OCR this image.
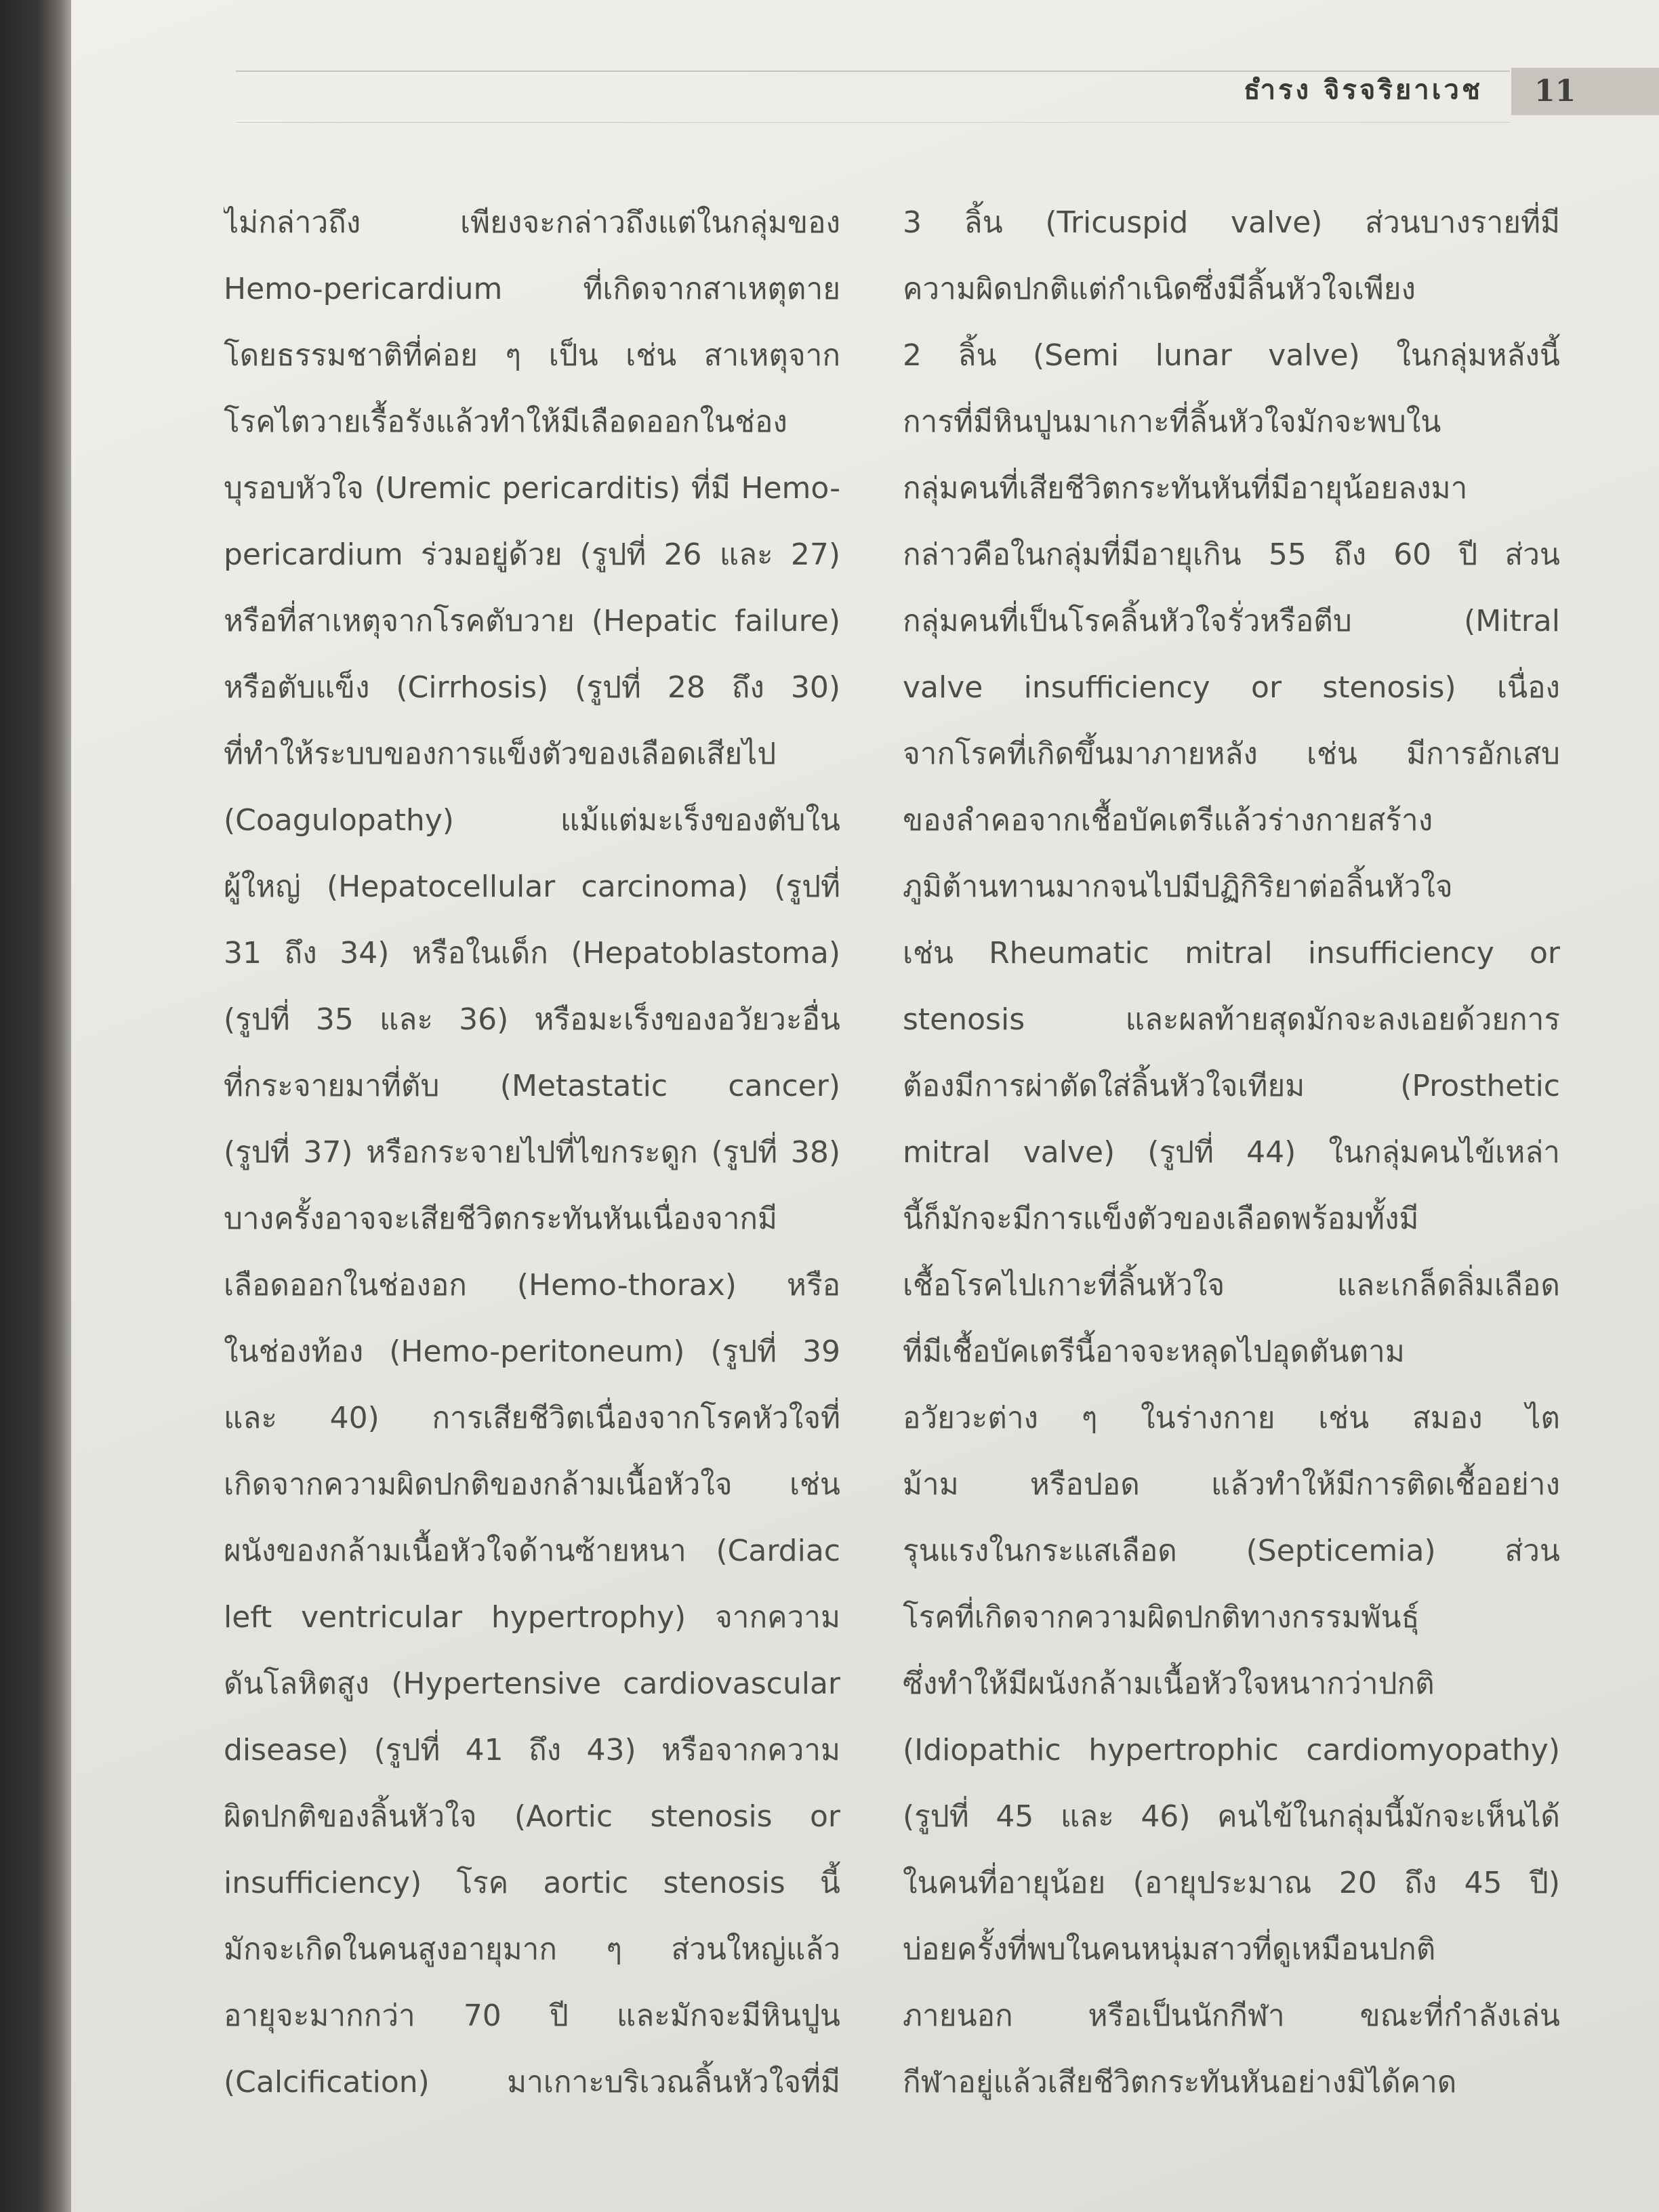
ธำรง จิรจริยาเวช 11
ไม่กล่าวถึง เพียงจะกล่าวถึงแต่ในกลุ่มของ
Hemo-pericardium ที่เกิดจากสาเหตุตาย
โดยธรรมชาติที่ค่อย ๆ เป็น เช่น สาเหตุจาก
โรคไตวายเรื้อรังแล้วทำให้มีเลือดออกในช่อง
บุรอบหัวใจ (Uremic pericarditis) ที่มี Hemo-
pericardium ร่วมอยู่ด้วย (รูปที่ 26 และ 27)
หรือที่สาเหตุจากโรคตับวาย (Hepatic failure)
หรือตับแข็ง (Cirrhosis) (รูปที่ 28 ถึง 30)
ที่ทำให้ระบบของการแข็งตัวของเลือดเสียไป
(Coagulopathy) แม้แต่มะเร็งของตับใน
ผู้ใหญ่ (Hepatocellular carcinoma) (รูปที่
31 ถึง 34) หรือในเด็ก (Hepatoblastoma)
(รูปที่ 35 และ 36) หรือมะเร็งของอวัยวะอื่น
ที่กระจายมาที่ตับ (Metastatic cancer)
(รูปที่ 37) หรือกระจายไปที่ไขกระดูก (รูปที่ 38)
บางครั้งอาจจะเสียชีวิตกระทันหันเนื่องจากมี
เลือดออกในช่องอก (Hemo-thorax) หรือ
ในช่องท้อง (Hemo-peritoneum) (รูปที่ 39
และ 40) การเสียชีวิตเนื่องจากโรคหัวใจที่
เกิดจากความผิดปกติของกล้ามเนื้อหัวใจ เช่น
ผนังของกล้ามเนื้อหัวใจด้านซ้ายหนา (Cardiac
left ventricular hypertrophy) จากความ
ดันโลหิตสูง (Hypertensive cardiovascular
disease) (รูปที่ 41 ถึง 43) หรือจากความ
ผิดปกติของลิ้นหัวใจ (Aortic stenosis or
insufficiency) โรค aortic stenosis นี้
มักจะเกิดในคนสูงอายุมาก ๆ ส่วนใหญ่แล้ว
อายุจะมากกว่า 70 ปี และมักจะมีหินปูน
(Calcification) มาเกาะบริเวณลิ้นหัวใจที่มี
3 ลิ้น (Tricuspid valve) ส่วนบางรายที่มี
ความผิดปกติแต่กำเนิดซึ่งมีลิ้นหัวใจเพียง
2 ลิ้น (Semi lunar valve) ในกลุ่มหลังนี้
การที่มีหินปูนมาเกาะที่ลิ้นหัวใจมักจะพบใน
กลุ่มคนที่เสียชีวิตกระทันหันที่มีอายุน้อยลงมา
กล่าวคือในกลุ่มที่มีอายุเกิน 55 ถึง 60 ปี ส่วน
กลุ่มคนที่เป็นโรคลิ้นหัวใจรั่วหรือตีบ (Mitral
valve insufficiency or stenosis) เนื่อง
จากโรคที่เกิดขึ้นมาภายหลัง เช่น มีการอักเสบ
ของลำคอจากเชื้อบัคเตรีแล้วร่างกายสร้าง
ภูมิต้านทานมากจนไปมีปฏิกิริยาต่อลิ้นหัวใจ
เช่น Rheumatic mitral insufficiency or
stenosis และผลท้ายสุดมักจะลงเอยด้วยการ
ต้องมีการผ่าตัดใส่ลิ้นหัวใจเทียม (Prosthetic
mitral valve) (รูปที่ 44) ในกลุ่มคนไข้เหล่า
นี้ก็มักจะมีการแข็งตัวของเลือดพร้อมทั้งมี
เชื้อโรคไปเกาะที่ลิ้นหัวใจ และเกล็ดลิ่มเลือด
ที่มีเชื้อบัคเตรีนี้อาจจะหลุดไปอุดตันตาม
อวัยวะต่าง ๆ ในร่างกาย เช่น สมอง ไต
ม้าม หรือปอด แล้วทำให้มีการติดเชื้ออย่าง
รุนแรงในกระแสเลือด (Septicemia) ส่วน
โรคที่เกิดจากความผิดปกติทางกรรมพันธุ์
ซึ่งทำให้มีผนังกล้ามเนื้อหัวใจหนากว่าปกติ
(Idiopathic hypertrophic cardiomyopathy)
(รูปที่ 45 และ 46) คนไข้ในกลุ่มนี้มักจะเห็นได้
ในคนที่อายุน้อย (อายุประมาณ 20 ถึง 45 ปี)
บ่อยครั้งที่พบในคนหนุ่มสาวที่ดูเหมือนปกติ
ภายนอก หรือเป็นนักกีฬา ขณะที่กำลังเล่น
กีฬาอยู่แล้วเสียชีวิตกระทันหันอย่างมิได้คาด
